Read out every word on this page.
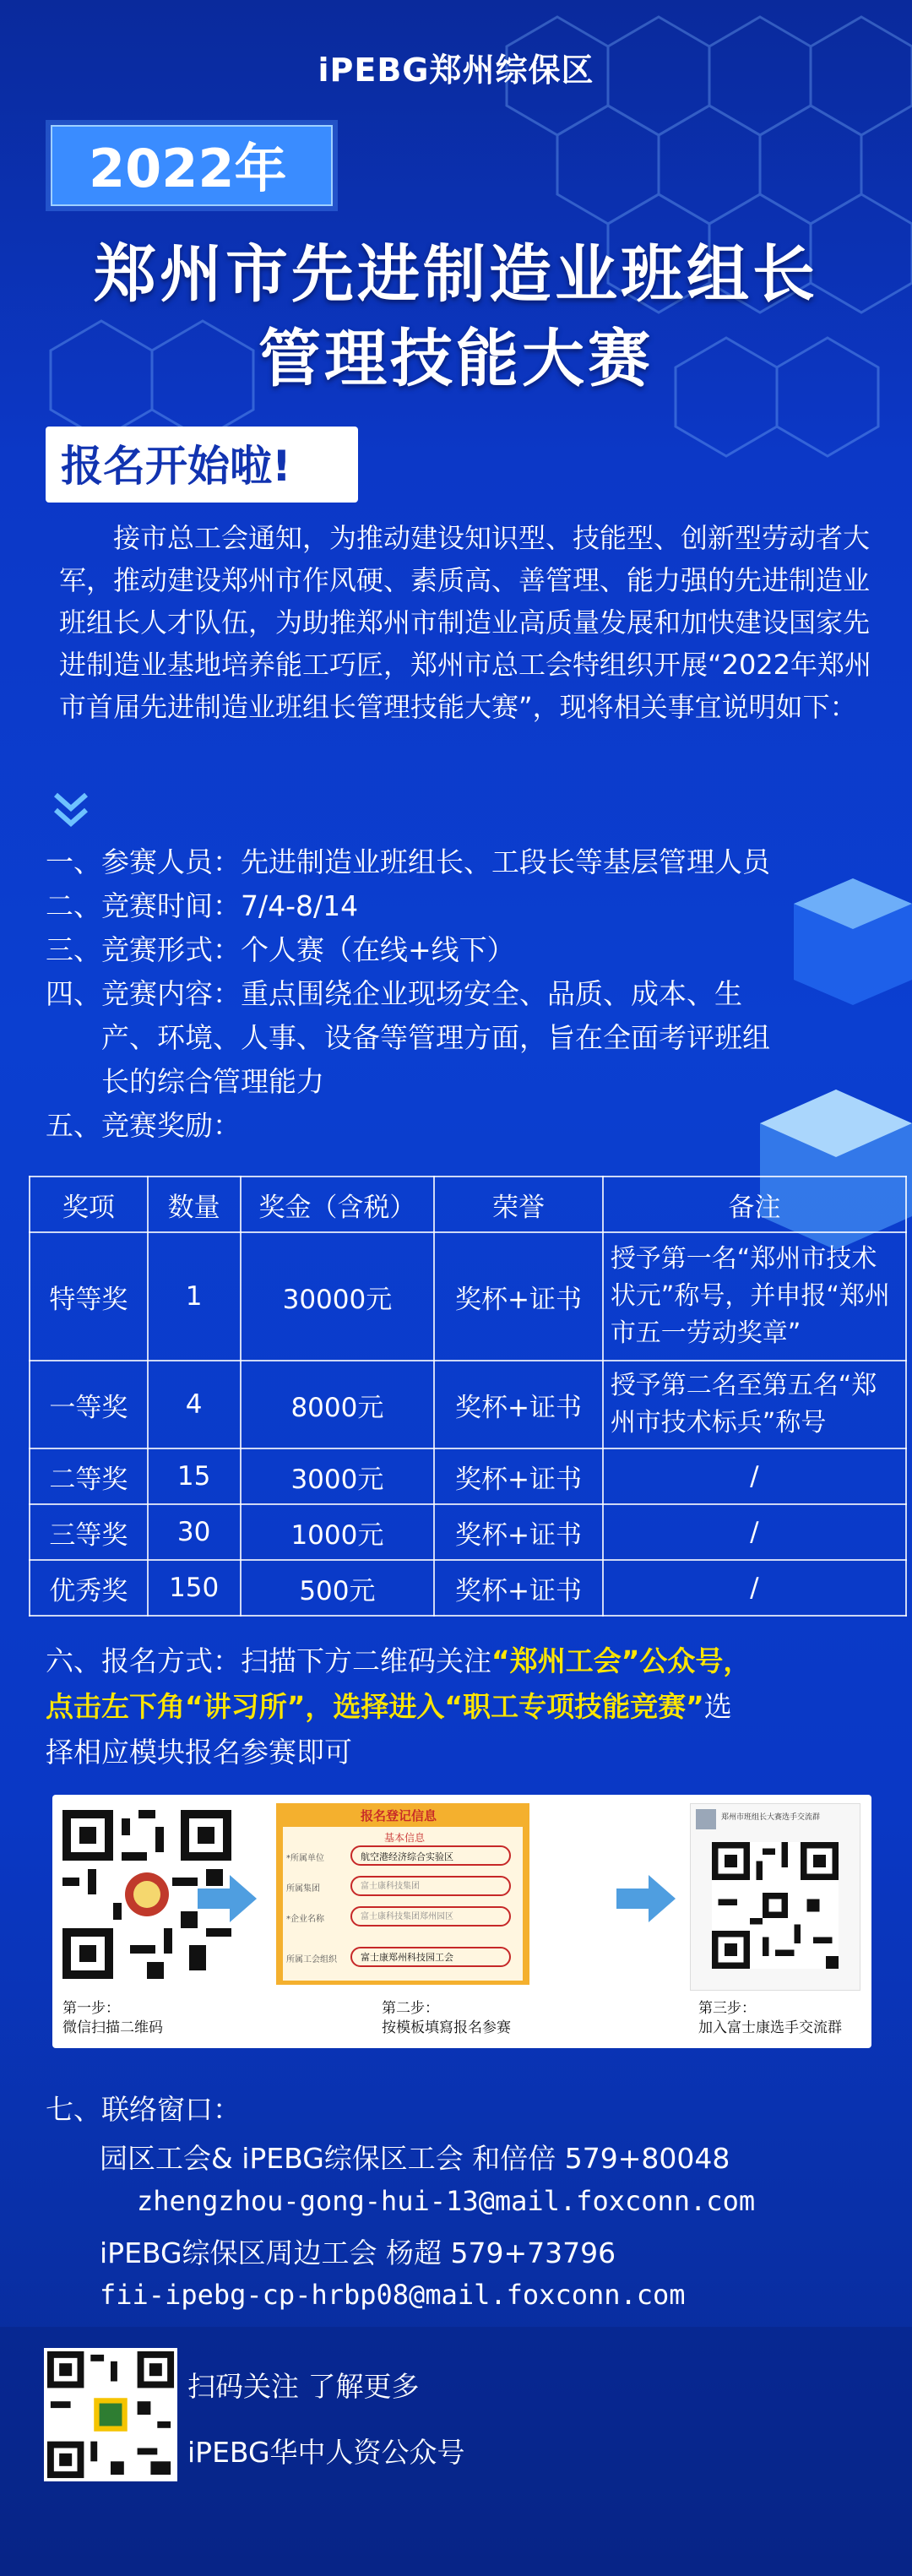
iPEBG郑州综保区
2022年
郑州市先进制造业班组长
管理技能大赛
报名开始啦!
接市总工会通知，为推动建设知识型、技能型、创新型劳动者大军，推动建设郑州市作风硬、素质高、善管理、能力强的先进制造业班组长人才队伍，为助推郑州市制造业高质量发展和加快建设国家先进制造业基地培养能工巧匠，郑州市总工会特组织开展“2022年郑州市首届先进制造业班组长管理技能大赛”，现将相关事宜说明如下：
一、参赛人员：先进制造业班组长、工段长等基层管理人员
二、竞赛时间：7/4-8/14
三、竞赛形式：个人赛（在线+线下）
四、竞赛内容：重点围绕企业现场安全、品质、成本、生
产、环境、人事、设备等管理方面，旨在全面考评班组
长的综合管理能力
五、竞赛奖励：
奖项	数量	奖金（含税）	荣誉	备注
特等奖	1	30000元	奖杯+证书	授予第一名“郑州市技术状元”称号，并申报“郑州市五一劳动奖章”
一等奖	4	8000元	奖杯+证书	授予第二名至第五名“郑州市技术标兵”称号
二等奖	15	3000元	奖杯+证书	/
三等奖	30	1000元	奖杯+证书	/
优秀奖	150	500元	奖杯+证书	/
六、报名方式：扫描下方二维码关注“郑州工会”公众号，
点击左下角“讲习所”，选择进入“职工专项技能竞赛”选
择相应模块报名参赛即可
第一步：
微信扫描二维码
报名登记信息
基本信息
*所属单位	航空港经济综合实验区
所属集团	富士康科技集团
*企业名称	富士康科技集团郑州园区
所属工会组织	富士康郑州科技园工会
第二步：
按模板填寫报名参赛
郑州市班组长大赛选手交流群
第三步：
加入富士康选手交流群
七、联络窗口：
园区工会& iPEBG综保区工会 和倍倍 579+80048
zhengzhou-gong-hui-13@mail.foxconn.com
iPEBG综保区周边工会 杨超 579+73796
fii-ipebg-cp-hrbp08@mail.foxconn.com
扫码关注 了解更多
iPEBG华中人资公众号
